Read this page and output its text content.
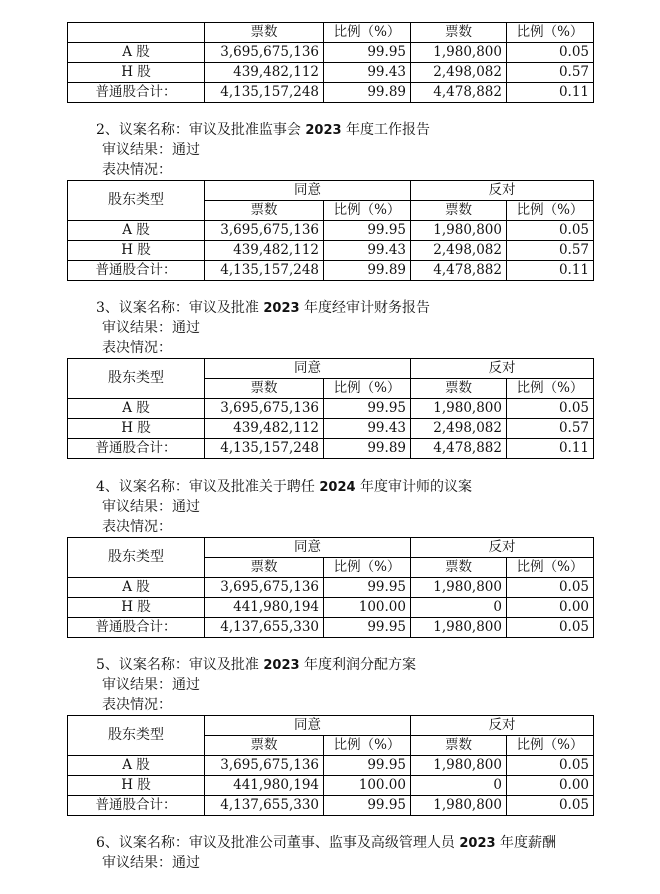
	票数	比例（%）	票数	比例（%）
A 股	3,695,675,136	99.95	1,980,800	0.05
H 股	439,482,112	99.43	2,498,082	0.57
普通股合计：	4,135,157,248	99.89	4,478,882	0.11

2、议案名称：审议及批准监事会 2023 年度工作报告

审议结果：通过

表决情况：

股东类型	同意		反对	
	票数	比例（%）	票数	比例（%）
A 股	3,695,675,136	99.95	1,980,800	0.05
H 股	439,482,112	99.43	2,498,082	0.57
普通股合计：	4,135,157,248	99.89	4,478,882	0.11

3、议案名称：审议及批准 2023 年度经审计财务报告

审议结果：通过

表决情况：

股东类型	同意		反对	
	票数	比例（%）	票数	比例（%）
A 股	3,695,675,136	99.95	1,980,800	0.05
H 股	439,482,112	99.43	2,498,082	0.57
普通股合计：	4,135,157,248	99.89	4,478,882	0.11

4、议案名称：审议及批准关于聘任 2024 年度审计师的议案

审议结果：通过

表决情况：

股东类型	同意		反对	
	票数	比例（%）	票数	比例（%）
A 股	3,695,675,136	99.95	1,980,800	0.05
H 股	441,980,194	100.00	0	0.00
普通股合计：	4,137,655,330	99.95	1,980,800	0.05

5、议案名称：审议及批准 2023 年度利润分配方案

审议结果：通过

表决情况：

股东类型	同意		反对	
	票数	比例（%）	票数	比例（%）
A 股	3,695,675,136	99.95	1,980,800	0.05
H 股	441,980,194	100.00	0	0.00
普通股合计：	4,137,655,330	99.95	1,980,800	0.05

6、议案名称：审议及批准公司董事、监事及高级管理人员 2023 年度薪酬

审议结果：通过
